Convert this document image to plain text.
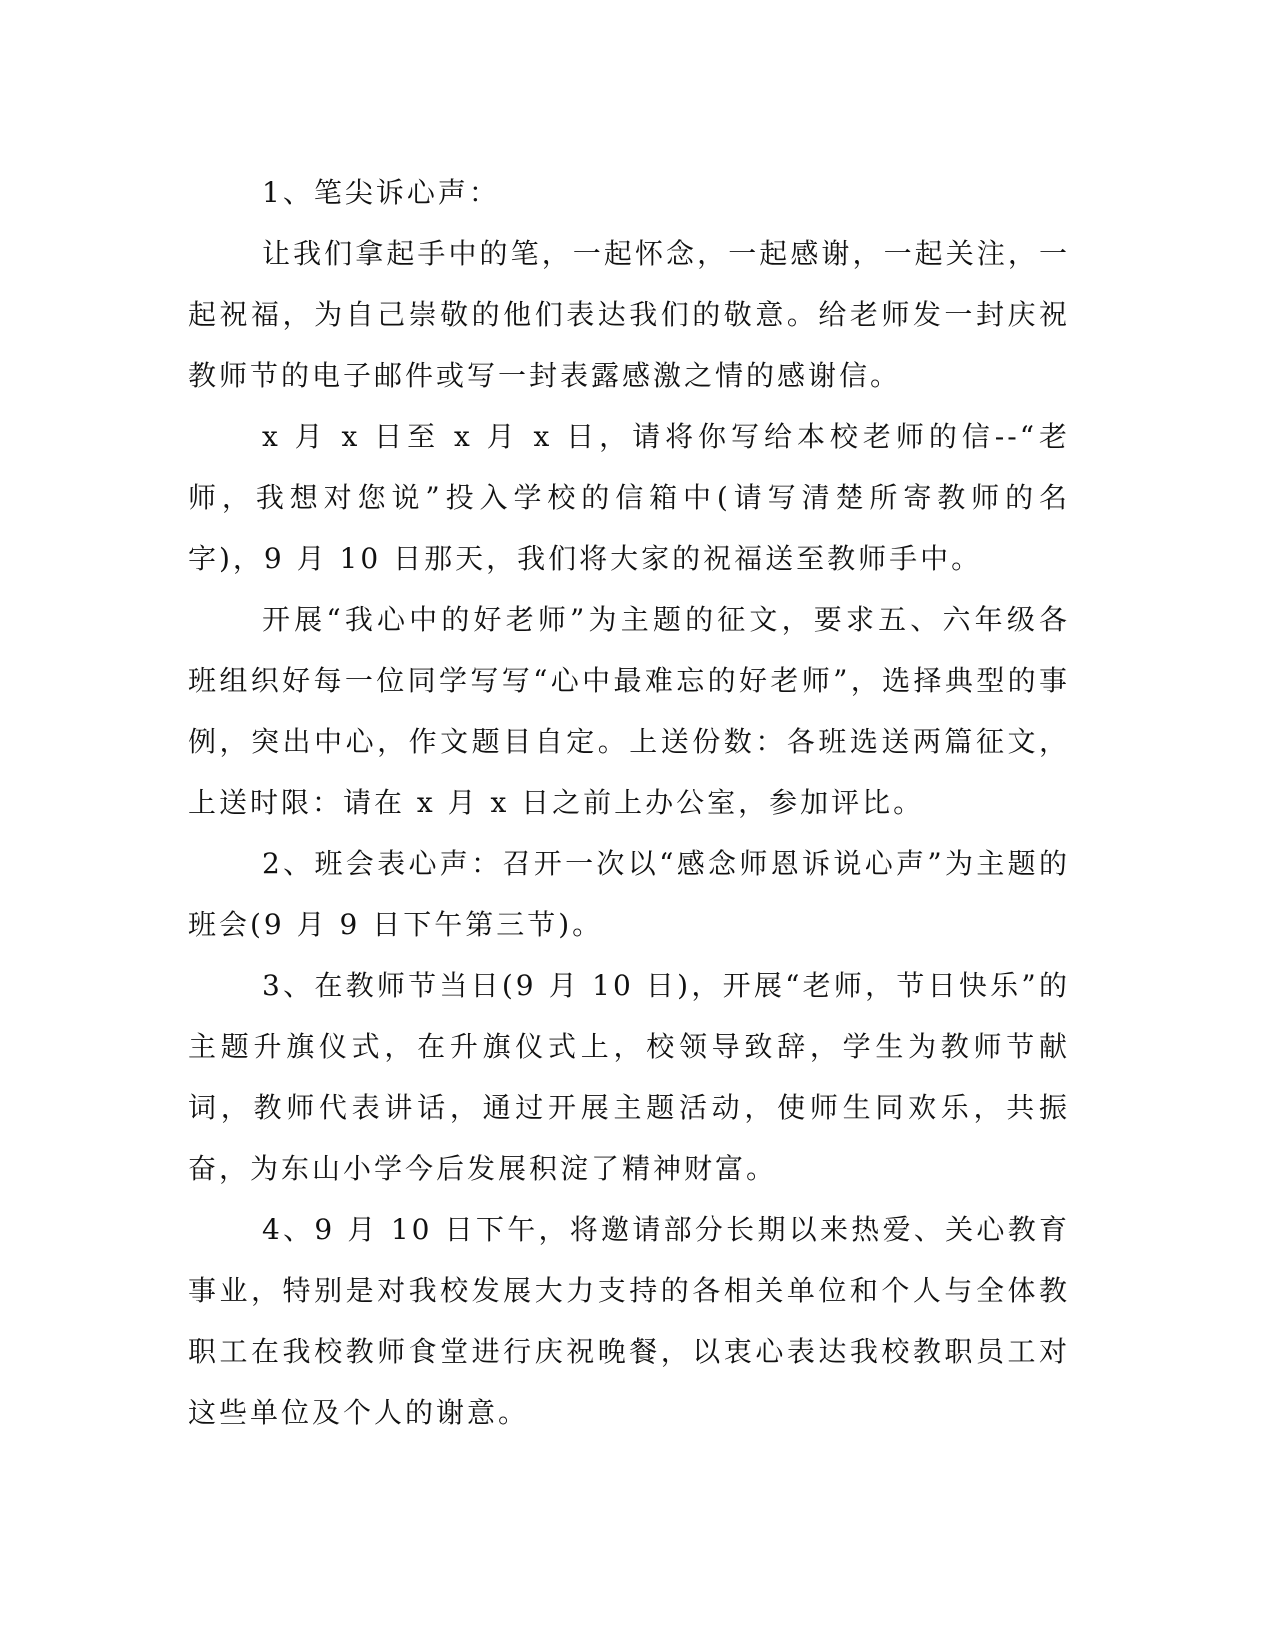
1、笔尖诉心声：

让我们拿起手中的笔，一起怀念，一起感谢，一起关注，一起祝福，为自己崇敬的他们表达我们的敬意。给老师发一封庆祝教师节的电子邮件或写一封表露感激之情的感谢信。

x 月 x 日至 x 月 x 日，请将你写给本校老师的信--“老师，我想对您说”投入学校的信箱中(请写清楚所寄教师的名字)，9 月 10 日那天，我们将大家的祝福送至教师手中。

开展“我心中的好老师”为主题的征文，要求五、六年级各班组织好每一位同学写写“心中最难忘的好老师”，选择典型的事例，突出中心，作文题目自定。上送份数：各班选送两篇征文，上送时限：请在 x 月 x 日之前上办公室，参加评比。

2、班会表心声：召开一次以“感念师恩诉说心声”为主题的班会(9 月 9 日下午第三节)。

3、在教师节当日(9 月 10 日)，开展“老师，节日快乐”的主题升旗仪式，在升旗仪式上，校领导致辞，学生为教师节献词，教师代表讲话，通过开展主题活动，使师生同欢乐，共振奋，为东山小学今后发展积淀了精神财富。

4、9 月 10 日下午，将邀请部分长期以来热爱、关心教育事业，特别是对我校发展大力支持的各相关单位和个人与全体教职工在我校教师食堂进行庆祝晚餐，以衷心表达我校教职员工对这些单位及个人的谢意。
